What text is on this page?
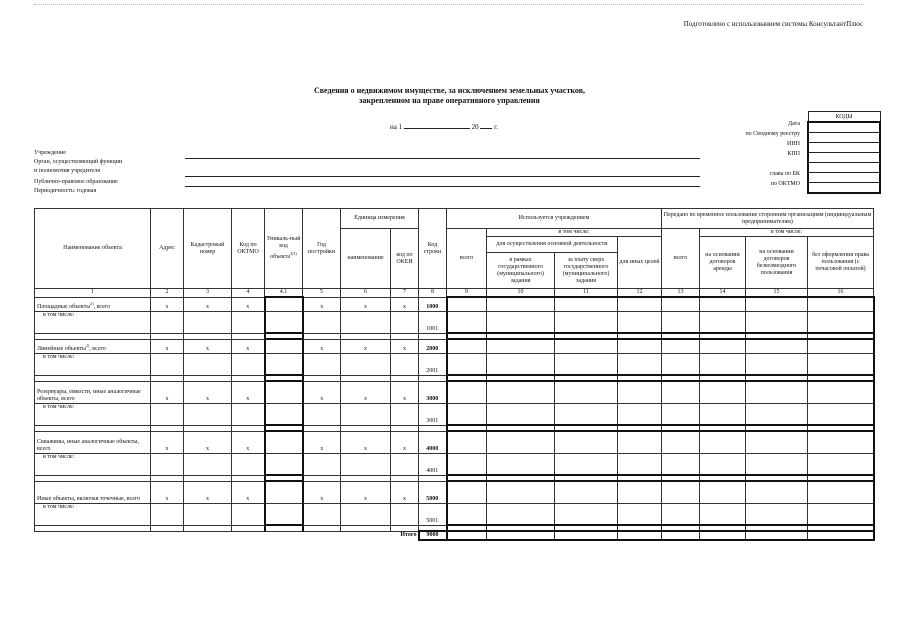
Подготовлено с использованием системы КонсультантПлюс
Сведения о недвижимом имуществе, за исключением земельных участков,
закрепленном на праве оперативного управления
на 1	20 г.	Дата
по Сводному реестру
ИНН
КПП
глава по БК
по ОКТМО
КОДЫ

Учреждение
Орган, осуществляющий функции
и полномочия учредителя
Публично-правовое образование
Периодичность: годовая
Наименование объекта	Адрес	Кадастровый номер	Код по ОКТМО	Уникаль-ный код объекта$^{2(1)}$	Год постройки	Единица измерения		Код строки	Используется учреждением				Передано во временное пользование сторонним организациям (индивидуальным предпринимателям)			
						наименование	код по ОКЕИ		всего	в том числе:			всего	в том числе:		
										для осуществления основной деятельности		для иных целей		на основании договоров аренды	на основании договоров безвозмездного пользования	без оформления права пользования (с почасовой оплатой)
										в рамках государственного (муниципального) задания	за плату сверх государственного (муниципального) задания					
1	2	3	4	4.1	5	6	7	8	9	10	11	12	13	14	15	16
Площадные объекты$^{2)}$, всего	х	х	х		х	х	х	1000								
в том числе:								1001								

Линейные объекты$^{2)}$, всего	х	х	х		х	х	х	2000								
в том числе:								2001								

Резервуары, емкости, иные аналогичные объекты, всего	х	х	х		х	х	х	3000								
в том числе:								3001								

Скважины, иные аналогичные объекты, всего	х	х	х		х	х	х	4000								
в том числе:								4001								

Иные объекты, включая точечные, всего	х	х	х		х	х	х	5000								
в том числе:								5001								

							Итого	9000								
